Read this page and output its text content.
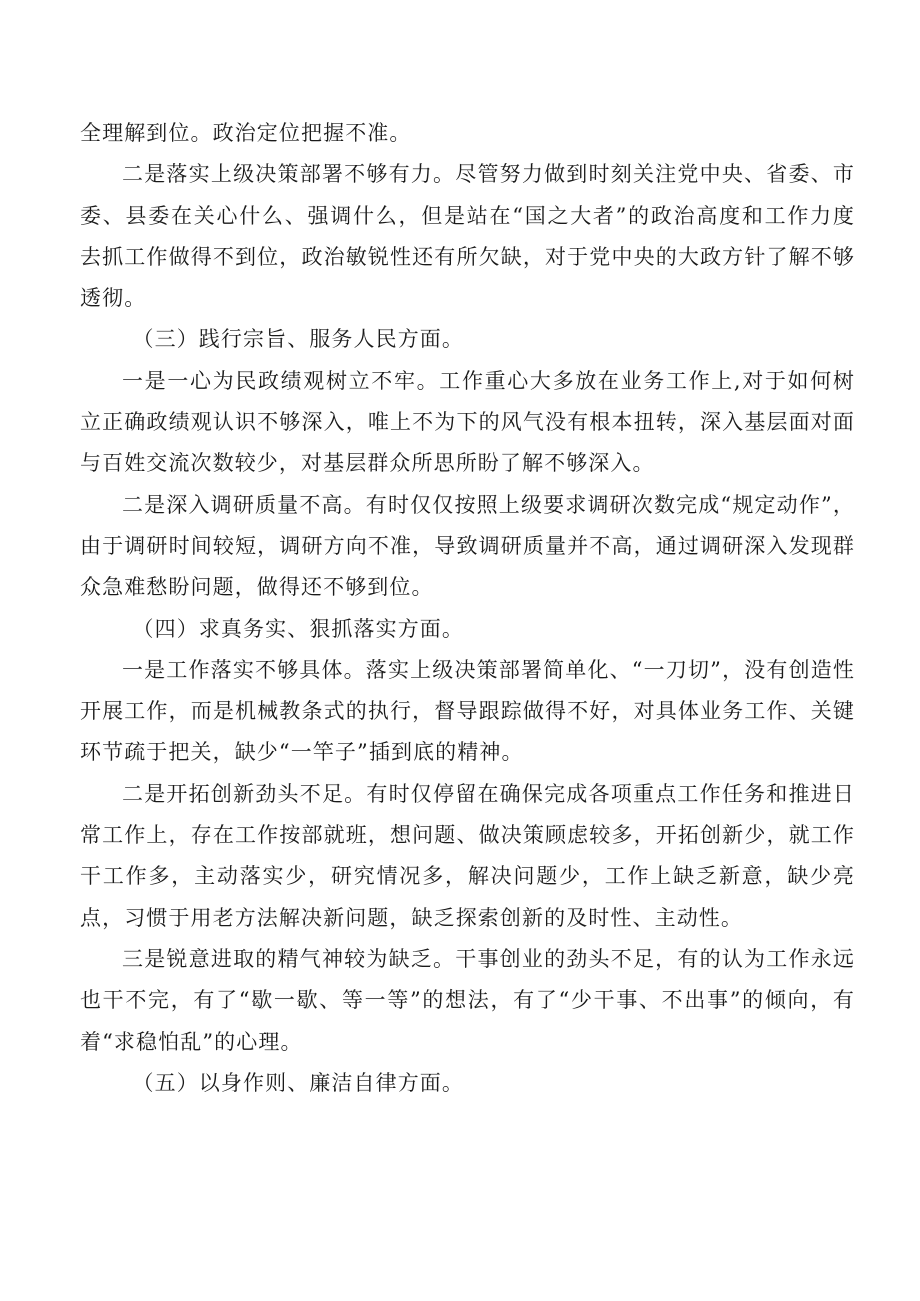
全理解到位。政治定位把握不准。

二是落实上级决策部署不够有力。尽管努力做到时刻关注党中央、省委、市委、县委在关心什么、强调什么，但是站在“国之大者”的政治高度和工作力度去抓工作做得不到位，政治敏锐性还有所欠缺，对于党中央的大政方针了解不够透彻。

（三）践行宗旨、服务人民方面。

一是一心为民政绩观树立不牢。工作重心大多放在业务工作上,对于如何树立正确政绩观认识不够深入，唯上不为下的风气没有根本扭转，深入基层面对面与百姓交流次数较少，对基层群众所思所盼了解不够深入。

二是深入调研质量不高。有时仅仅按照上级要求调研次数完成“规定动作”，由于调研时间较短，调研方向不准，导致调研质量并不高，通过调研深入发现群众急难愁盼问题，做得还不够到位。

（四）求真务实、狠抓落实方面。

一是工作落实不够具体。落实上级决策部署简单化、“一刀切”，没有创造性开展工作，而是机械教条式的执行，督导跟踪做得不好，对具体业务工作、关键环节疏于把关，缺少“一竿子”插到底的精神。

二是开拓创新劲头不足。有时仅停留在确保完成各项重点工作任务和推进日常工作上，存在工作按部就班，想问题、做决策顾虑较多，开拓创新少，就工作干工作多，主动落实少，研究情况多，解决问题少，工作上缺乏新意，缺少亮点，习惯于用老方法解决新问题，缺乏探索创新的及时性、主动性。

三是锐意进取的精气神较为缺乏。干事创业的劲头不足，有的认为工作永远也干不完，有了“歇一歇、等一等”的想法，有了“少干事、不出事”的倾向，有着“求稳怕乱”的心理。

（五）以身作则、廉洁自律方面。
